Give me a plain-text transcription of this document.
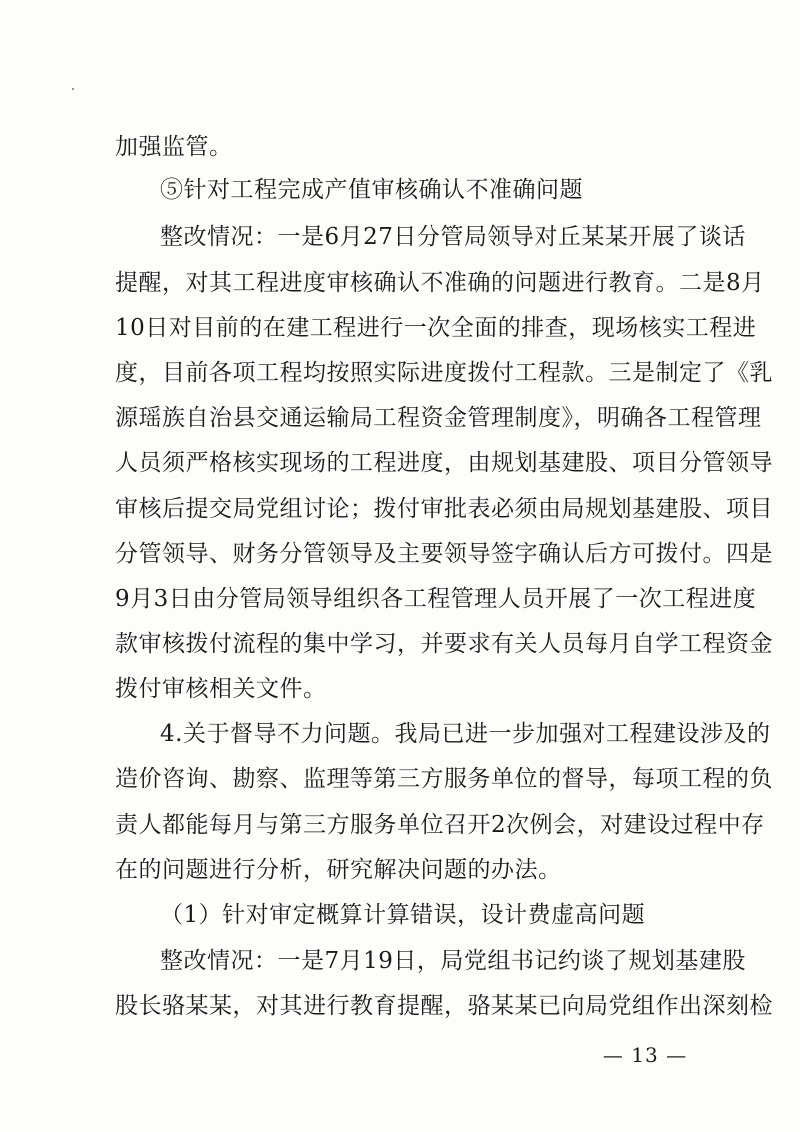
加强监管。
⑤针对工程完成产值审核确认不准确问题
整改情况：一是6月27日分管局领导对丘某某开展了谈话
提醒，对其工程进度审核确认不准确的问题进行教育。二是8月
10日对目前的在建工程进行一次全面的排查，现场核实工程进
度，目前各项工程均按照实际进度拨付工程款。三是制定了《乳
源瑶族自治县交通运输局工程资金管理制度》，明确各工程管理
人员须严格核实现场的工程进度，由规划基建股、项目分管领导
审核后提交局党组讨论；拨付审批表必须由局规划基建股、项目
分管领导、财务分管领导及主要领导签字确认后方可拨付。四是
9月3日由分管局领导组织各工程管理人员开展了一次工程进度
款审核拨付流程的集中学习，并要求有关人员每月自学工程资金
拨付审核相关文件。
4.关于督导不力问题。我局已进一步加强对工程建设涉及的
造价咨询、勘察、监理等第三方服务单位的督导，每项工程的负
责人都能每月与第三方服务单位召开2次例会，对建设过程中存
在的问题进行分析，研究解决问题的办法。
（1）针对审定概算计算错误，设计费虚高问题
整改情况：一是7月19日，局党组书记约谈了规划基建股
股长骆某某，对其进行教育提醒，骆某某已向局党组作出深刻检
— 13 —
